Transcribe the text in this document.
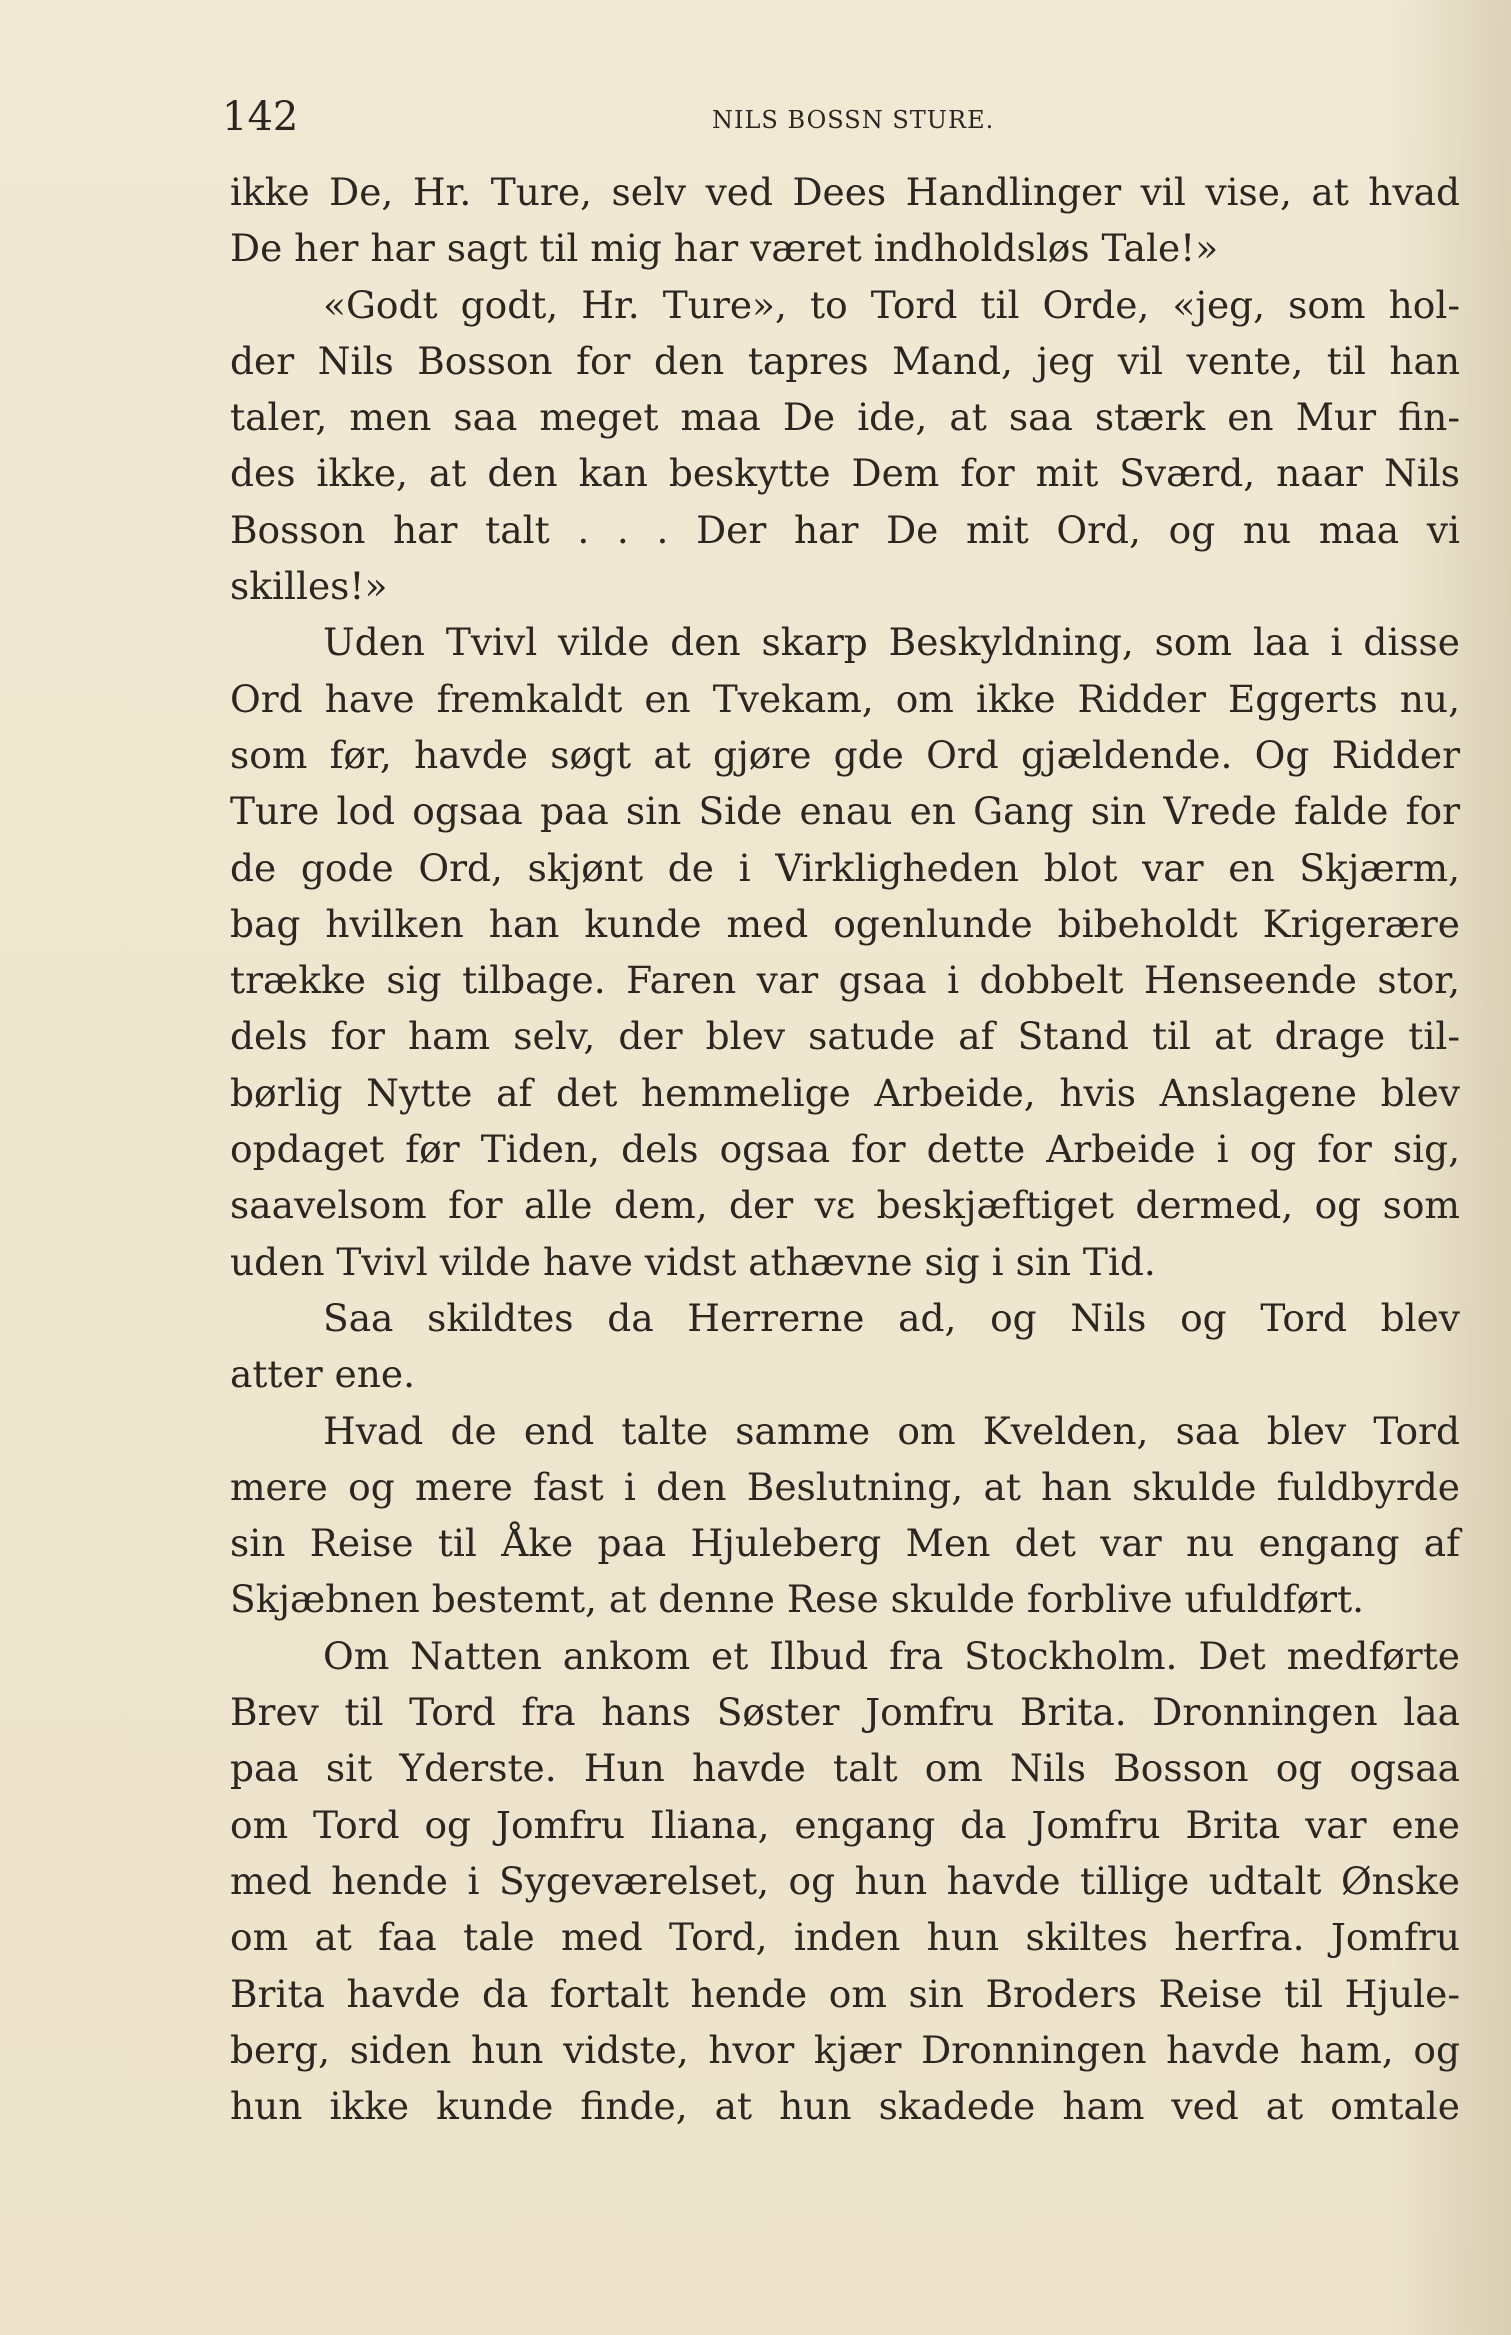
142	NILS BOSSN STURE.
ikke De, Hr. Ture, selv ved Dees Handlinger vil vise, at hvad
De her har sagt til mig har været indholdsløs Tale!»
«Godt godt, Hr. Ture», to Tord til Orde, «jeg, som hol-
der Nils Bosson for den tapres Mand, jeg vil vente, til han
taler, men saa meget maa De ide, at saa stærk en Mur fin-
des ikke, at den kan beskytte Dem for mit Sværd, naar Nils
Bosson har talt . . . Der har De mit Ord, og nu maa vi
skilles!»
Uden Tvivl vilde den skarp Beskyldning, som laa i disse
Ord have fremkaldt en Tvekam, om ikke Ridder Eggerts nu,
som før, havde søgt at gjøre gde Ord gjældende. Og Ridder
Ture lod ogsaa paa sin Side enau en Gang sin Vrede falde for
de gode Ord, skjønt de i Virkligheden blot var en Skjærm,
bag hvilken han kunde med ogenlunde bibeholdt Krigerære
trække sig tilbage. Faren var gsaa i dobbelt Henseende stor,
dels for ham selv, der blev satude af Stand til at drage til-
børlig Nytte af det hemmelige Arbeide, hvis Anslagene blev
opdaget før Tiden, dels ogsaa for dette Arbeide i og for sig,
saavelsom for alle dem, der vε beskjæftiget dermed, og som
uden Tvivl vilde have vidst athævne sig i sin Tid.
Saa skildtes da Herrerne ad, og Nils og Tord blev
atter ene.
Hvad de end talte samme om Kvelden, saa blev Tord
mere og mere fast i den Beslutning, at han skulde fuldbyrde
sin Reise til Åke paa Hjuleberg Men det var nu engang af
Skjæbnen bestemt, at denne Rese skulde forblive ufuldført.
Om Natten ankom et Ilbud fra Stockholm. Det medførte
Brev til Tord fra hans Søster Jomfru Brita. Dronningen laa
paa sit Yderste. Hun havde talt om Nils Bosson og ogsaa
om Tord og Jomfru Iliana, engang da Jomfru Brita var ene
med hende i Sygeværelset, og hun havde tillige udtalt Ønske
om at faa tale med Tord, inden hun skiltes herfra. Jomfru
Brita havde da fortalt hende om sin Broders Reise til Hjule-
berg, siden hun vidste, hvor kjær Dronningen havde ham, og
hun ikke kunde finde, at hun skadede ham ved at omtale
